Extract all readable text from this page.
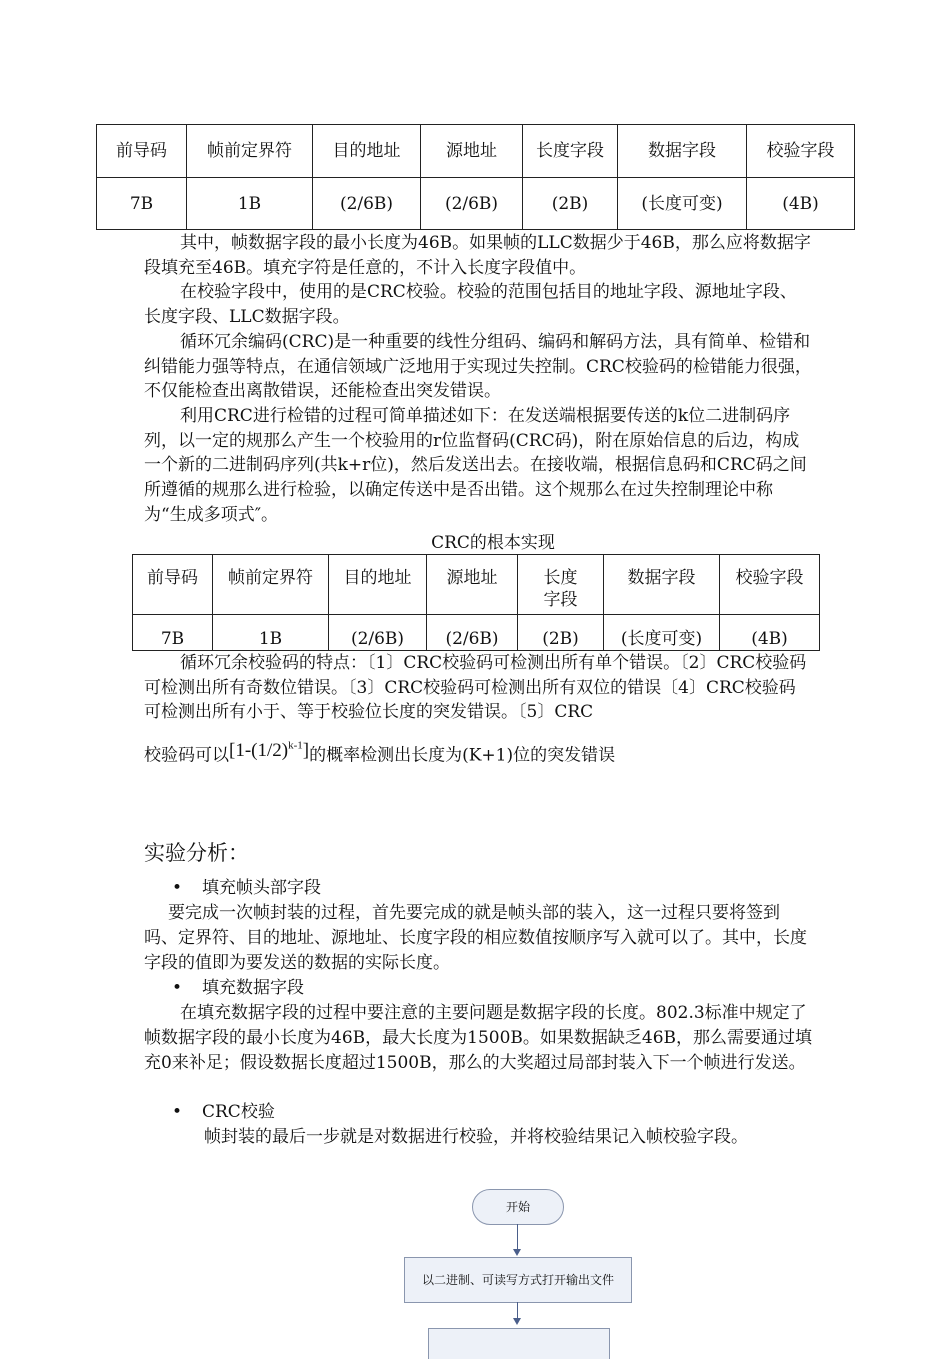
前导码	帧前定界符	目的地址	源地址	长度字段	数据字段	校验字段
7B	1B	(2/6B)	(2/6B)	(2B)	(长度可变)	(4B)

其中，帧数据字段的最小长度为46B。如果帧的LLC数据少于46B，那么应将数据字段填充至46B。填充字符是任意的，不计入长度字段值中。

在校验字段中，使用的是CRC校验。校验的范围包括目的地址字段、源地址字段、长度字段、LLC数据字段。

循环冗余编码(CRC)是一种重要的线性分组码、编码和解码方法，具有简单、检错和纠错能力强等特点，在通信领域广泛地用于实现过失控制。CRC校验码的检错能力很强，不仅能检查出离散错误，还能检查出突发错误。

利用CRC进行检错的过程可简单描述如下：在发送端根据要传送的k位二进制码序列，以一定的规那么产生一个校验用的r位监督码(CRC码)，附在原始信息的后边，构成一个新的二进制码序列(共k+r位)，然后发送出去。在接收端，根据信息码和CRC码之间所遵循的规那么进行检验，以确定传送中是否出错。这个规那么在过失控制理论中称为“生成多项式″。

CRC的根本实现
前导码	帧前定界符	目的地址	源地址	长度字段	数据字段	校验字段
7B	1B	(2/6B)	(2/6B)	(2B)	(长度可变)	(4B)

循环冗余校验码的特点：〔1〕CRC校验码可检测出所有单个错误。〔2〕CRC校验码可检测出所有奇数位错误。〔3〕CRC校验码可检测出所有双位的错误〔4〕CRC校验码可检测出所有小于、等于校验位长度的突发错误。〔5〕CRC

校验码可以$[1-(1/2)^{k-1}]$的概率检测出长度为(K+1)位的突发错误
实验分析：
• 填充帧头部字段

要完成一次帧封装的过程，首先要完成的就是帧头部的装入，这一过程只要将签到吗、定界符、目的地址、源地址、长度字段的相应数值按顺序写入就可以了。其中，长度字段的值即为要发送的数据的实际长度。

• 填充数据字段

在填充数据字段的过程中要注意的主要问题是数据字段的长度。802.3标准中规定了帧数据字段的最小长度为46B，最大长度为1500B。如果数据缺乏46B，那么需要通过填充0来补足；假设数据长度超过1500B，那么的大奖超过局部封装入下一个帧进行发送。

• CRC校验

帧封装的最后一步就是对数据进行校验，并将校验结果记入帧校验字段。

开始
以二进制、可读写方式打开输出文件
